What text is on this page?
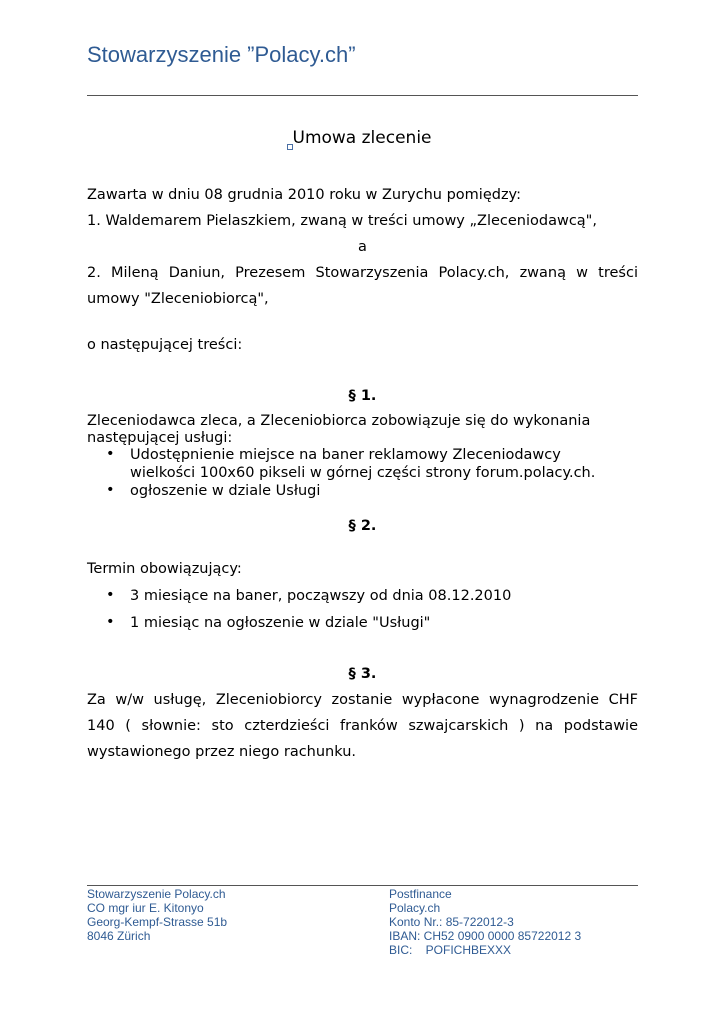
Stowarzyszenie ”Polacy.ch”
Umowa zlecenie
Zawarta w dniu 08 grudnia 2010 roku w Zurychu pomiędzy:
1. Waldemarem Pielaszkiem, zwaną w treści umowy „Zleceniodawcą",
a
2. Mileną Daniun, Prezesem Stowarzyszenia Polacy.ch, zwaną w treści
umowy "Zleceniobiorcą",
o następującej treści:
§ 1.
Zleceniodawca zleca, a Zleceniobiorca zobowiązuje się do wykonania
następującej usługi:
• Udostępnienie miejsce na baner reklamowy Zleceniodawcy
wielkości 100x60 pikseli w górnej części strony forum.polacy.ch.
• ogłoszenie w dziale Usługi
§ 2.
Termin obowiązujący:
• 3 miesiące na baner, począwszy od dnia 08.12.2010
• 1 miesiąc na ogłoszenie w dziale "Usługi"
§ 3.
Za w/w usługę, Zleceniobiorcy zostanie wypłacone wynagrodzenie CHF
140 ( słownie: sto czterdzieści franków szwajcarskich ) na podstawie
wystawionego przez niego rachunku.
Stowarzyszenie Polacy.ch
CO mgr iur E. Kitonyo
Georg-Kempf-Strasse 51b
8046 Zürich
Postfinance
Polacy.ch
Konto Nr.: 85-722012-3
IBAN: CH52 0900 0000 85722012 3
BIC:    POFICHBEXXX
